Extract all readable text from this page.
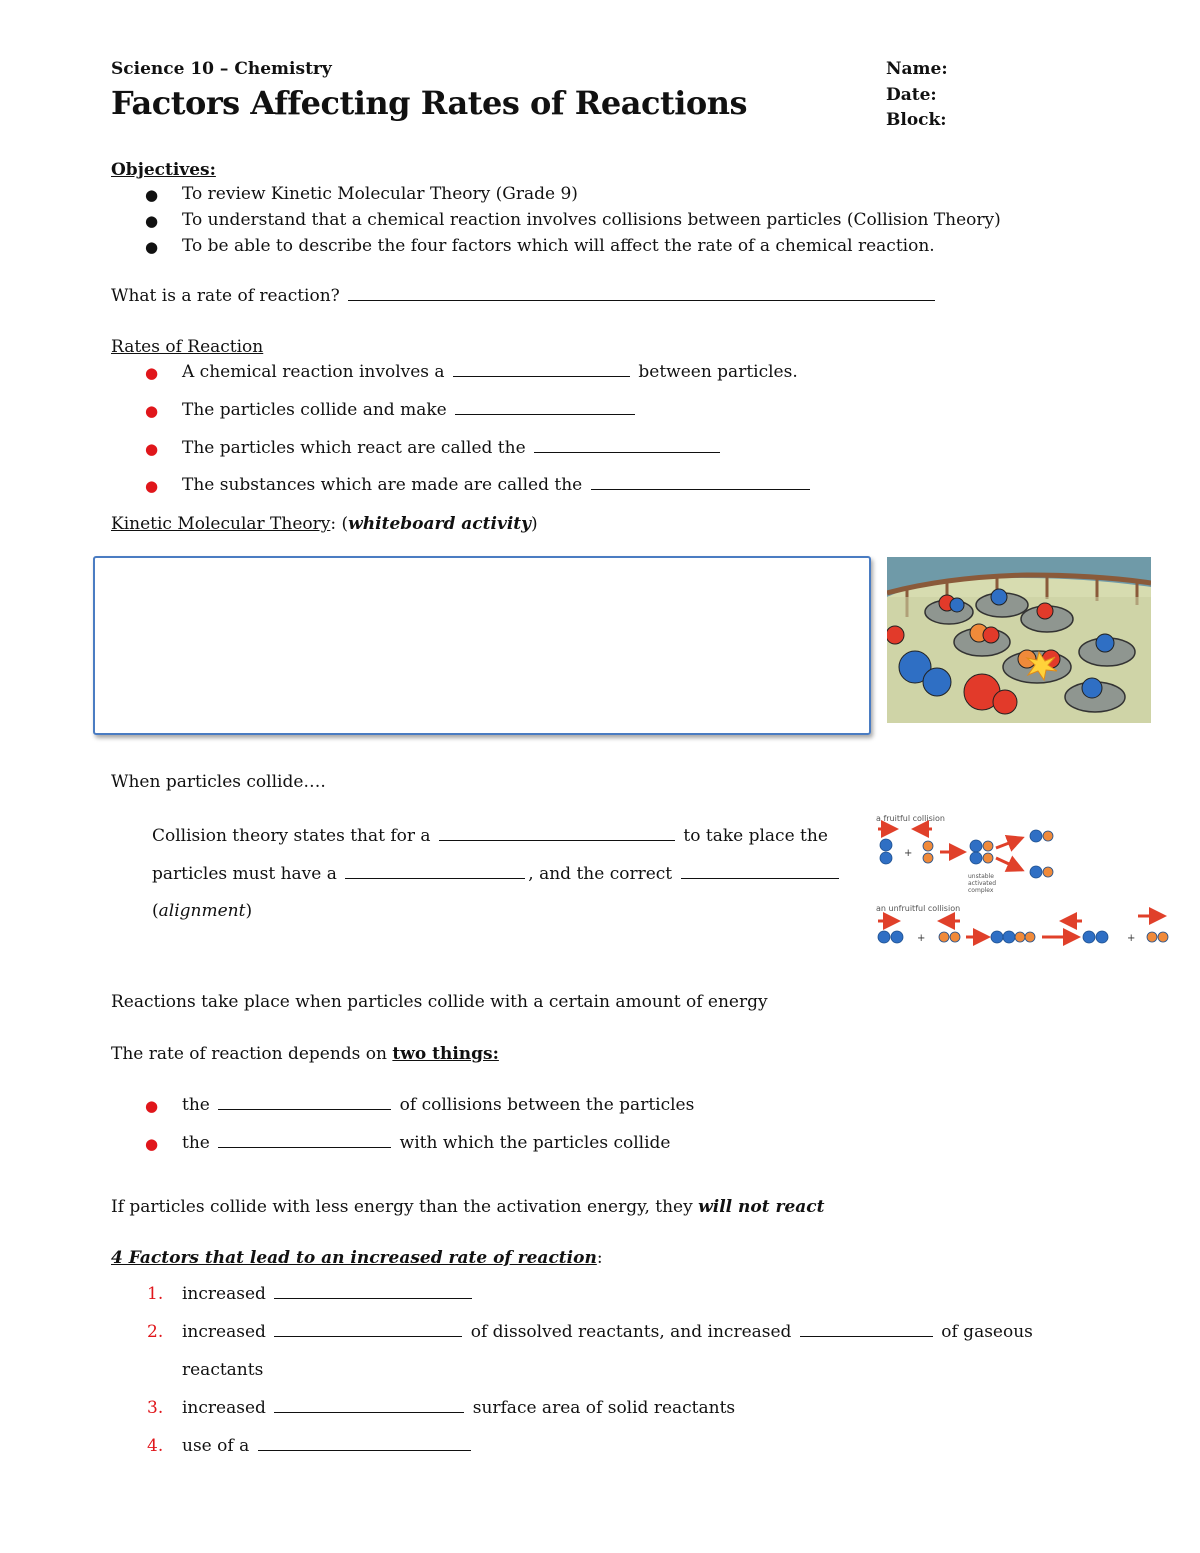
Science 10 – Chemistry
Factors Affecting Rates of Reactions
Name:
Date:
Block:
Objectives:
● To review Kinetic Molecular Theory (Grade 9)
● To understand that a chemical reaction involves collisions between particles (Collision Theory)
● To be able to describe the four factors which will affect the rate of a chemical reaction.
What is a rate of reaction?
Rates of Reaction
● A chemical reaction involves a	between particles.
● The particles collide and make
● The particles which react are called the
● The substances which are made are called the
Kinetic Molecular Theory: (whiteboard activity)
When particles collide….
Collision theory states that for a	to take place the
particles must have a	, and the correct
(alignment)
a fruitful collision
+
unstable
activated
complex
an unfruitful collision
+	+
Reactions take place when particles collide with a certain amount of energy
The rate of reaction depends on two things:
● the	of collisions between the particles
● the	with which the particles collide
If particles collide with less energy than the activation energy, they will not react
4 Factors that lead to an increased rate of reaction:
1. increased
2. increased	of dissolved reactants, and increased	of gaseous
reactants
3. increased	surface area of solid reactants
4. use of a
